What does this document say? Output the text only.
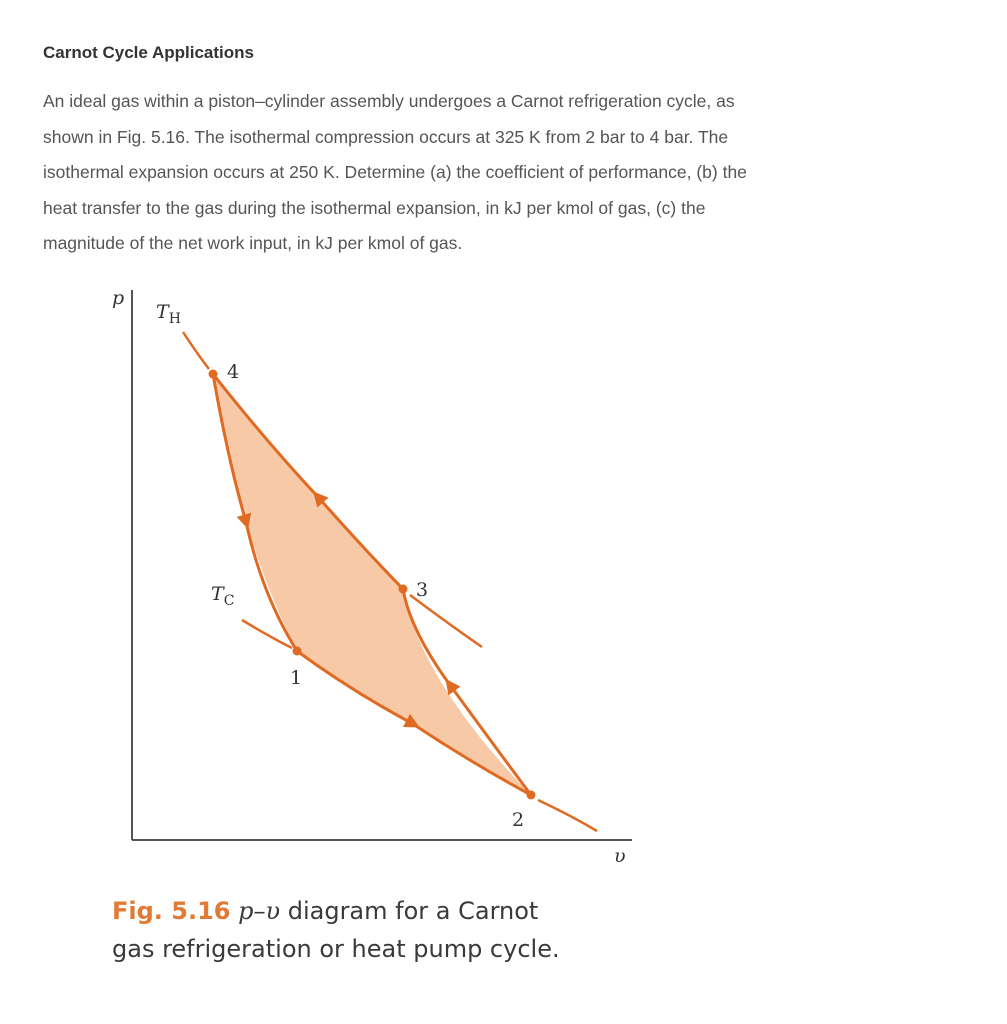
Carnot Cycle Applications
An ideal gas within a piston–cylinder assembly undergoes a Carnot refrigeration cycle, as
shown in Fig. 5.16. The isothermal compression occurs at 325 K from 2 bar to 4 bar. The
isothermal expansion occurs at 250 K. Determine (a) the coefficient of performance, (b) the
heat transfer to the gas during the isothermal expansion, in kJ per kmol of gas, (c) the
magnitude of the net work input, in kJ per kmol of gas.
p
υ
$T_H$
$T_C$
1
2
3
4
Fig. 5.16 p–υ diagram for a Carnot
gas refrigeration or heat pump cycle.
